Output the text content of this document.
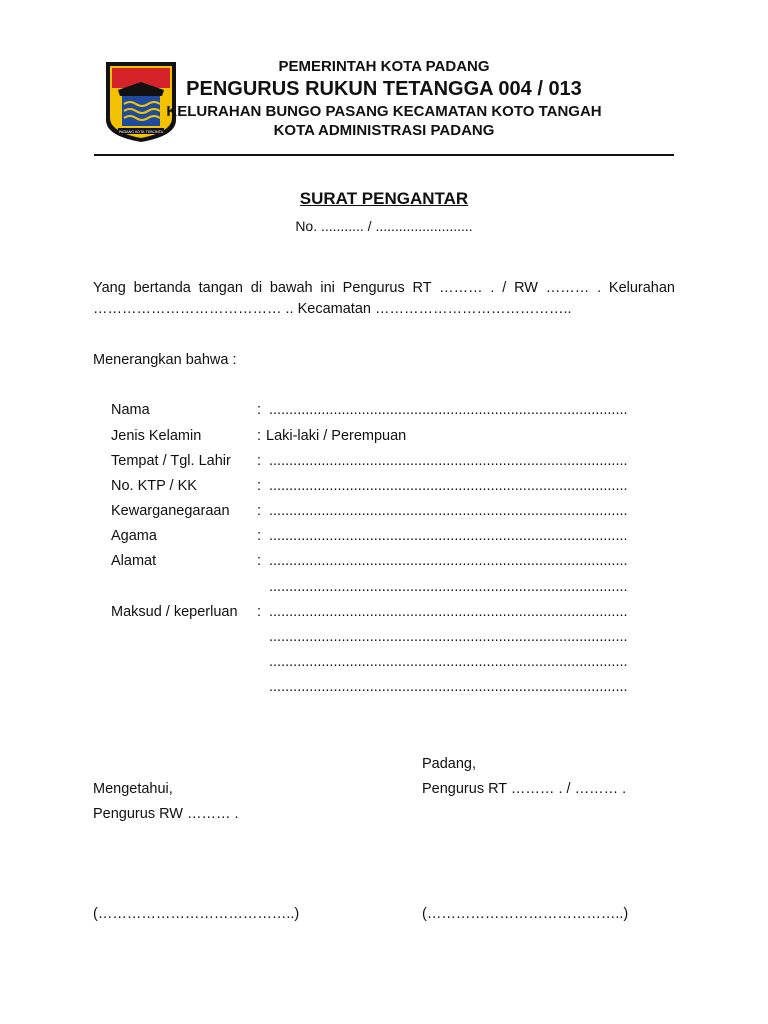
PADANG KOTA TERCINTA
PEMERINTAH KOTA PADANG
PENGURUS RUKUN TETANGGA 004 / 013
KELURAHAN BUNGO PASANG KECAMATAN KOTO TANGAH
KOTA ADMINISTRASI PADANG
SURAT PENGANTAR
No. ........... / .........................
Yang bertanda tangan di bawah ini Pengurus RT ……… . / RW ……… . Kelurahan
………………………………… .. Kecamatan …………………………………..
Menerangkan bahwa :
Nama	: .........................................................................................
Jenis Kelamin	: Laki-laki / Perempuan
Tempat / Tgl. Lahir : .........................................................................................
No. KTP / KK	: .........................................................................................
Kewarganegaraan : .........................................................................................
Agama	: .........................................................................................
Alamat	: .........................................................................................
.........................................................................................
Maksud / keperluan : .........................................................................................
.........................................................................................
.........................................................................................
.........................................................................................
Padang,
Mengetahui,	Pengurus RT ……… . / ……… .
Pengurus RW ……… .
(…………………………………..)	(…………………………………..)
